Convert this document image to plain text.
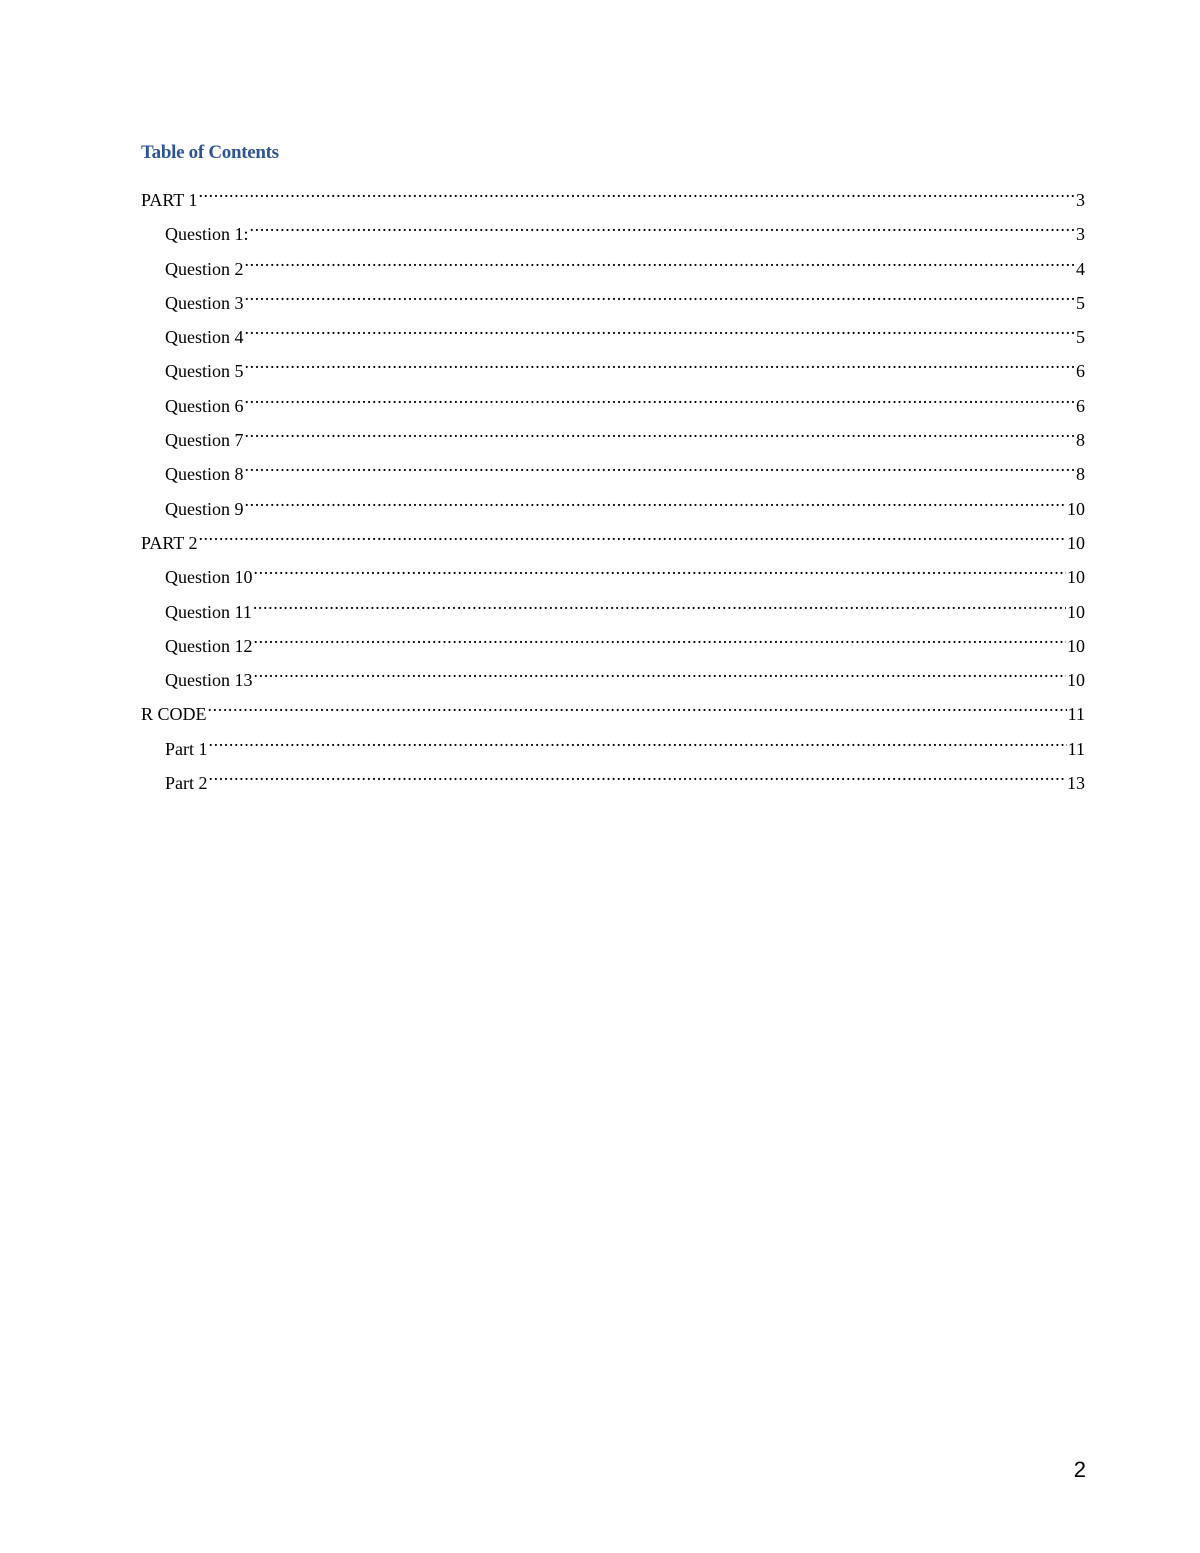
Table of Contents
PART 1 .....	3
Question 1: .....	3
Question 2 .....	4
Question 3 .....	5
Question 4 .....	5
Question 5 .....	6
Question 6 .....	6
Question 7 .....	8
Question 8 .....	8
Question 9 .....	10
PART 2 .....	10
Question 10 .....	10
Question 11 .....	10
Question 12 .....	10
Question 13 .....	10
R CODE .....	11
Part 1 .....	11
Part 2 .....	13
2
